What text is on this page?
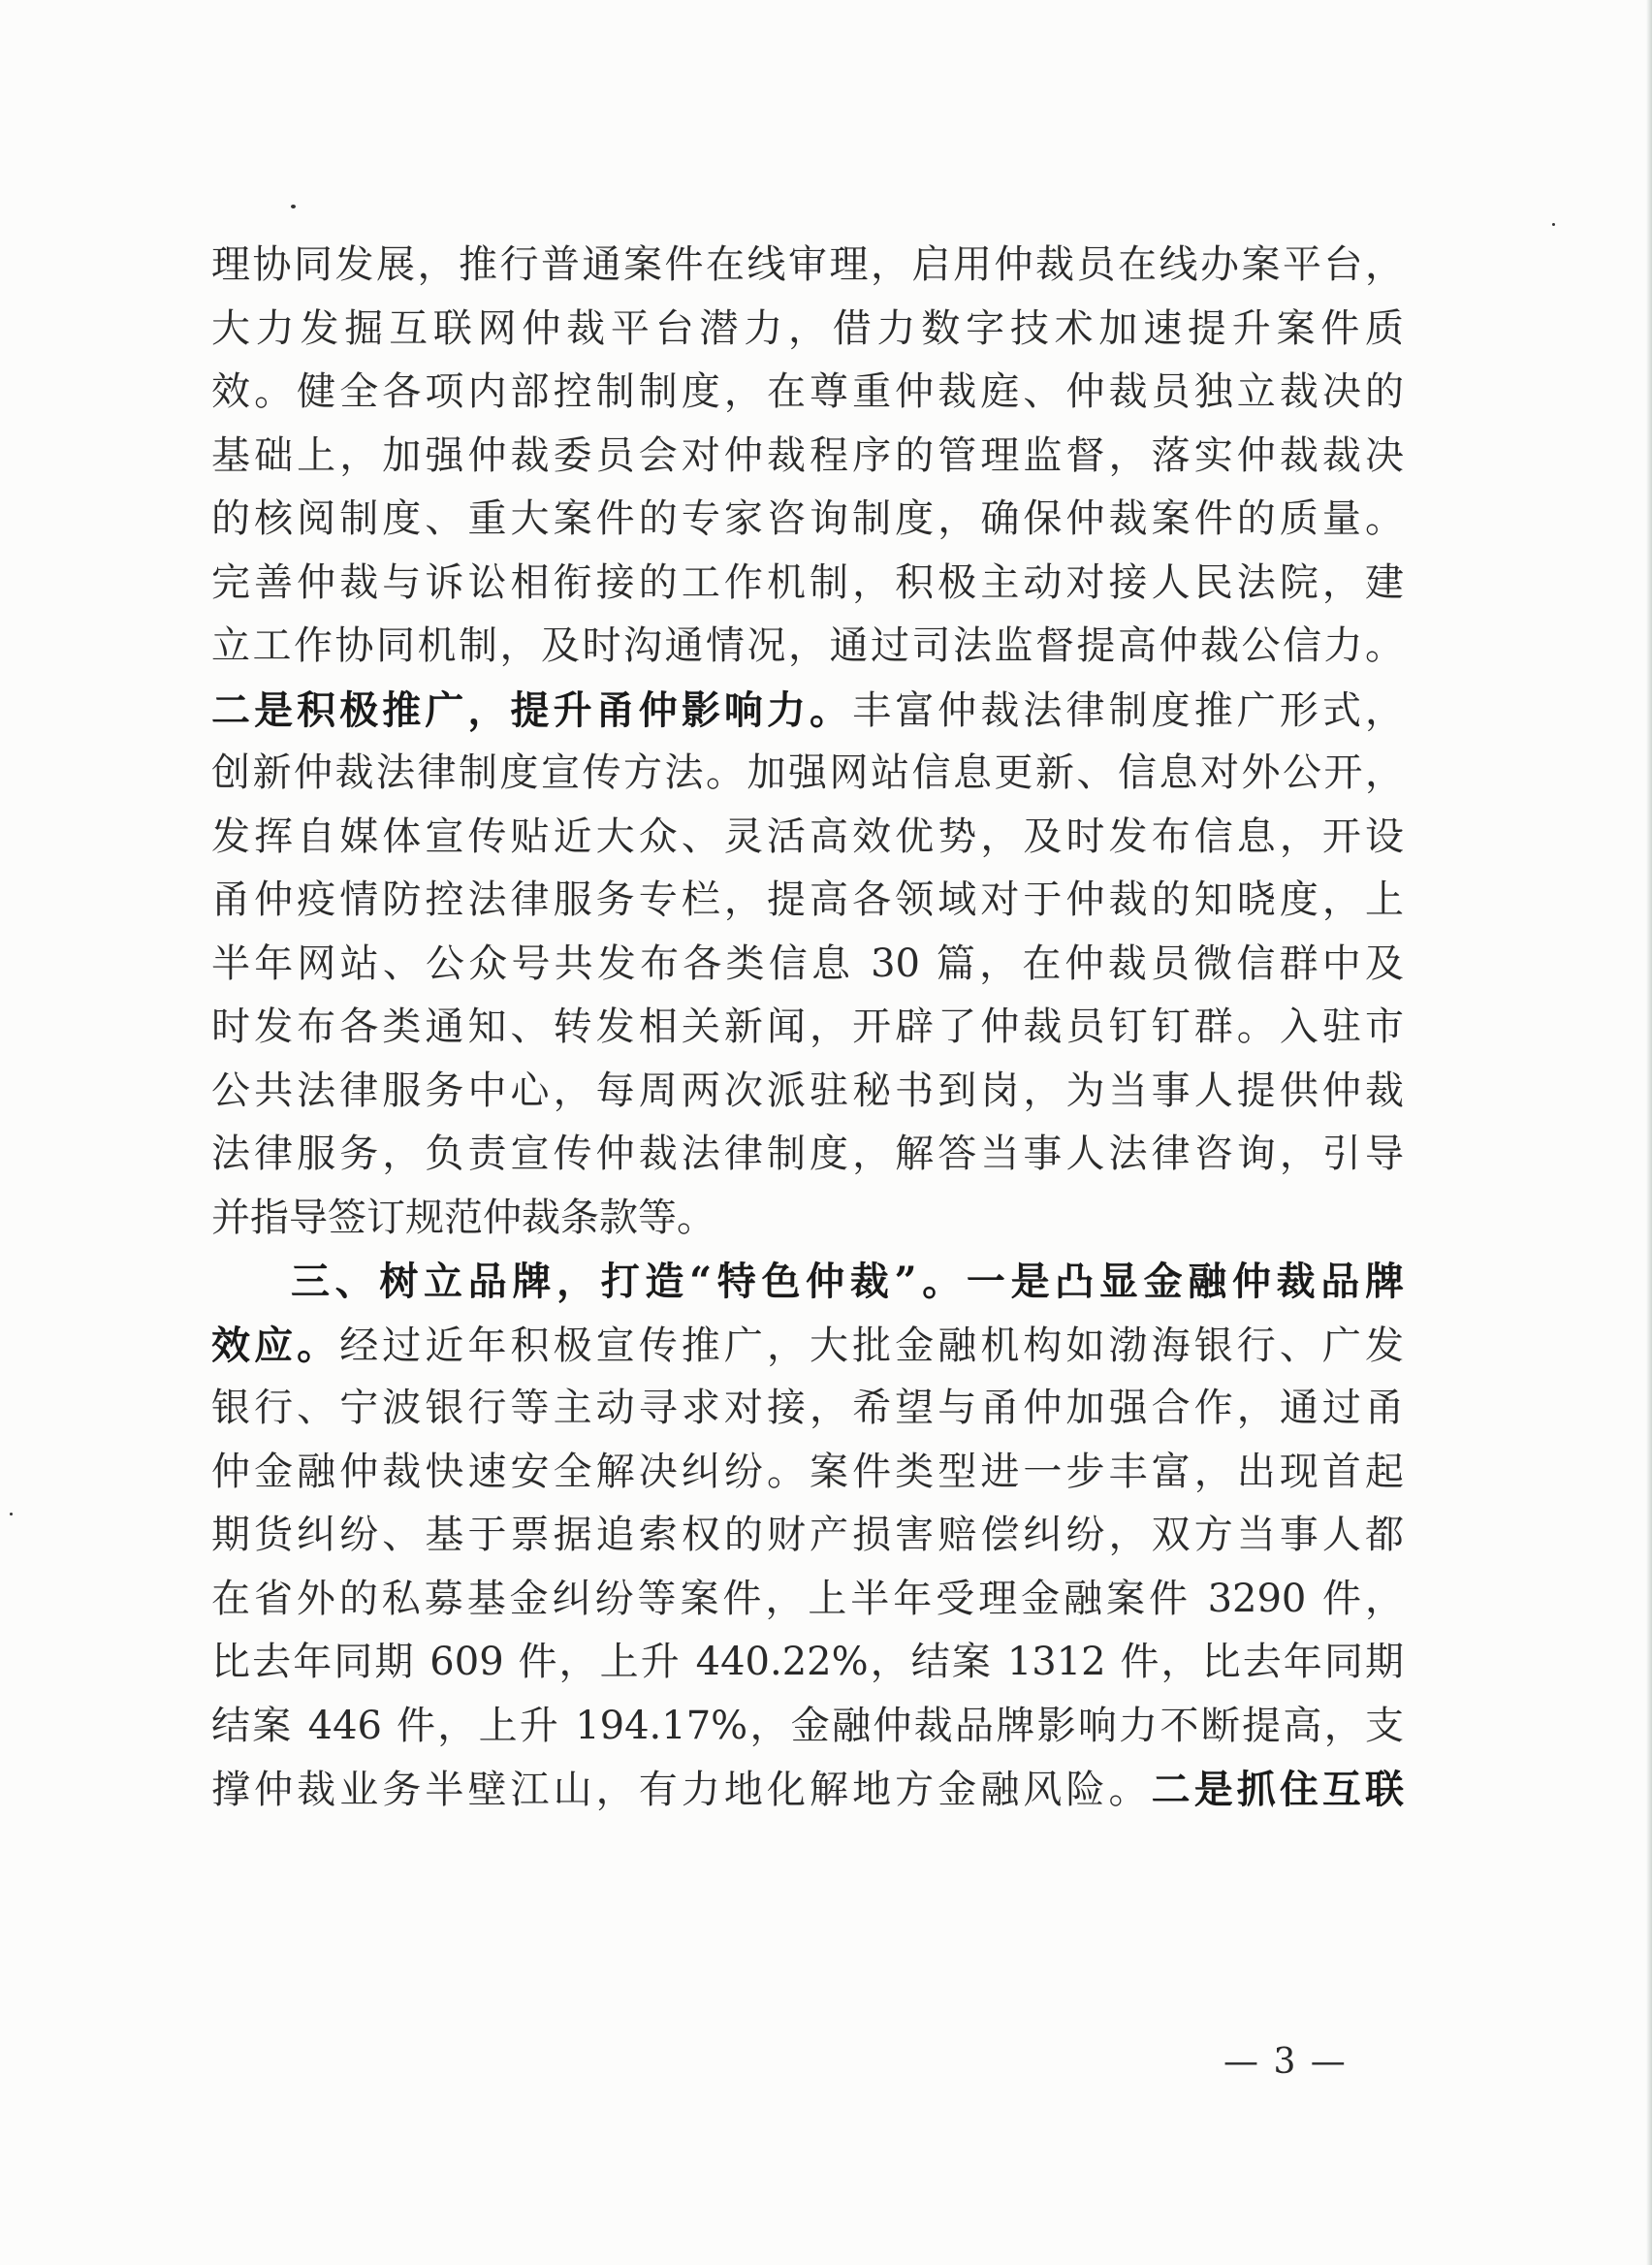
理协同发展，推行普通案件在线审理，启用仲裁员在线办案平台，
大力发掘互联网仲裁平台潜力，借力数字技术加速提升案件质
效。健全各项内部控制制度，在尊重仲裁庭、仲裁员独立裁决的
基础上，加强仲裁委员会对仲裁程序的管理监督，落实仲裁裁决
的核阅制度、重大案件的专家咨询制度，确保仲裁案件的质量。
完善仲裁与诉讼相衔接的工作机制，积极主动对接人民法院，建
立工作协同机制，及时沟通情况，通过司法监督提高仲裁公信力。
二是积极推广，提升甬仲影响力。丰富仲裁法律制度推广形式，
创新仲裁法律制度宣传方法。加强网站信息更新、信息对外公开，
发挥自媒体宣传贴近大众、灵活高效优势，及时发布信息，开设
甬仲疫情防控法律服务专栏，提高各领域对于仲裁的知晓度，上
半年网站、公众号共发布各类信息 30 篇，在仲裁员微信群中及
时发布各类通知、转发相关新闻，开辟了仲裁员钉钉群。入驻市
公共法律服务中心，每周两次派驻秘书到岗，为当事人提供仲裁
法律服务，负责宣传仲裁法律制度，解答当事人法律咨询，引导
并指导签订规范仲裁条款等。
三、树立品牌，打造“特色仲裁”。一是凸显金融仲裁品牌
效应。经过近年积极宣传推广，大批金融机构如渤海银行、广发
银行、宁波银行等主动寻求对接，希望与甬仲加强合作，通过甬
仲金融仲裁快速安全解决纠纷。案件类型进一步丰富，出现首起
期货纠纷、基于票据追索权的财产损害赔偿纠纷，双方当事人都
在省外的私募基金纠纷等案件，上半年受理金融案件 3290 件，
比去年同期 609 件，上升 440.22%，结案 1312 件，比去年同期
结案 446 件，上升 194.17%，金融仲裁品牌影响力不断提高，支
撑仲裁业务半壁江山，有力地化解地方金融风险。二是抓住互联
— 3 —
